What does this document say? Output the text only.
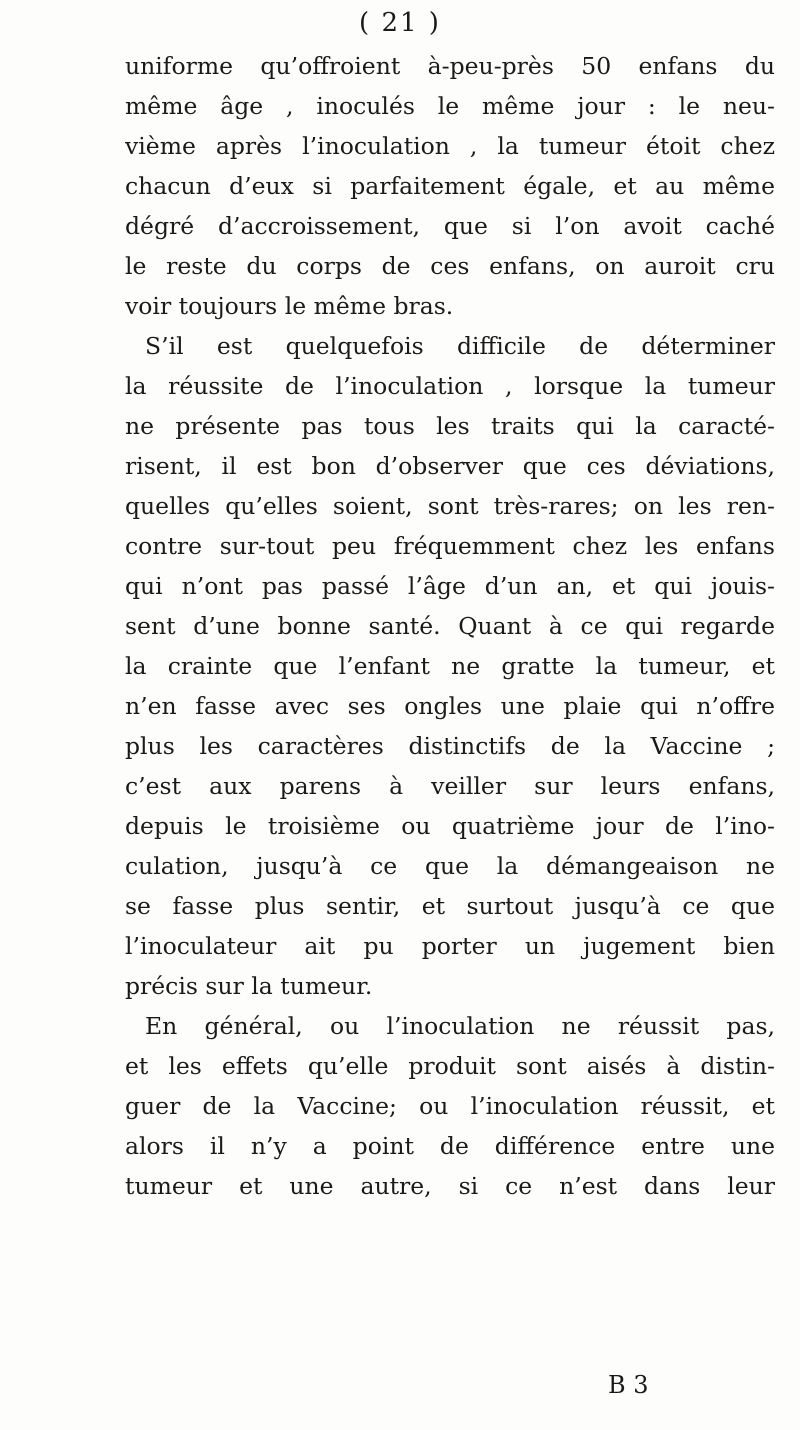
( 21 )
uniforme qu’offroient à-peu-près 50 enfans du
même âge , inoculés le même jour : le neu-
vième après l’inoculation , la tumeur étoit chez
chacun d’eux si parfaitement égale, et au même
dégré d’accroissement, que si l’on avoit caché
le reste du corps de ces enfans, on auroit cru
voir toujours le même bras.
S’il est quelquefois difficile de déterminer
la réussite de l’inoculation , lorsque la tumeur
ne présente pas tous les traits qui la caracté-
risent, il est bon d’observer que ces déviations,
quelles qu’elles soient, sont très-rares; on les ren-
contre sur-tout peu fréquemment chez les enfans
qui n’ont pas passé l’âge d’un an, et qui jouis-
sent d’une bonne santé. Quant à ce qui regarde
la crainte que l’enfant ne gratte la tumeur, et
n’en fasse avec ses ongles une plaie qui n’offre
plus les caractères distinctifs de la Vaccine ;
c’est aux parens à veiller sur leurs enfans,
depuis le troisième ou quatrième jour de l’ino-
culation, jusqu’à ce que la démangeaison ne
se fasse plus sentir, et surtout jusqu’à ce que
l’inoculateur ait pu porter un jugement bien
précis sur la tumeur.
En général, ou l’inoculation ne réussit pas,
et les effets qu’elle produit sont aisés à distin-
guer de la Vaccine; ou l’inoculation réussit, et
alors il n’y a point de différence entre une
tumeur et une autre, si ce n’est dans leur
B 3
